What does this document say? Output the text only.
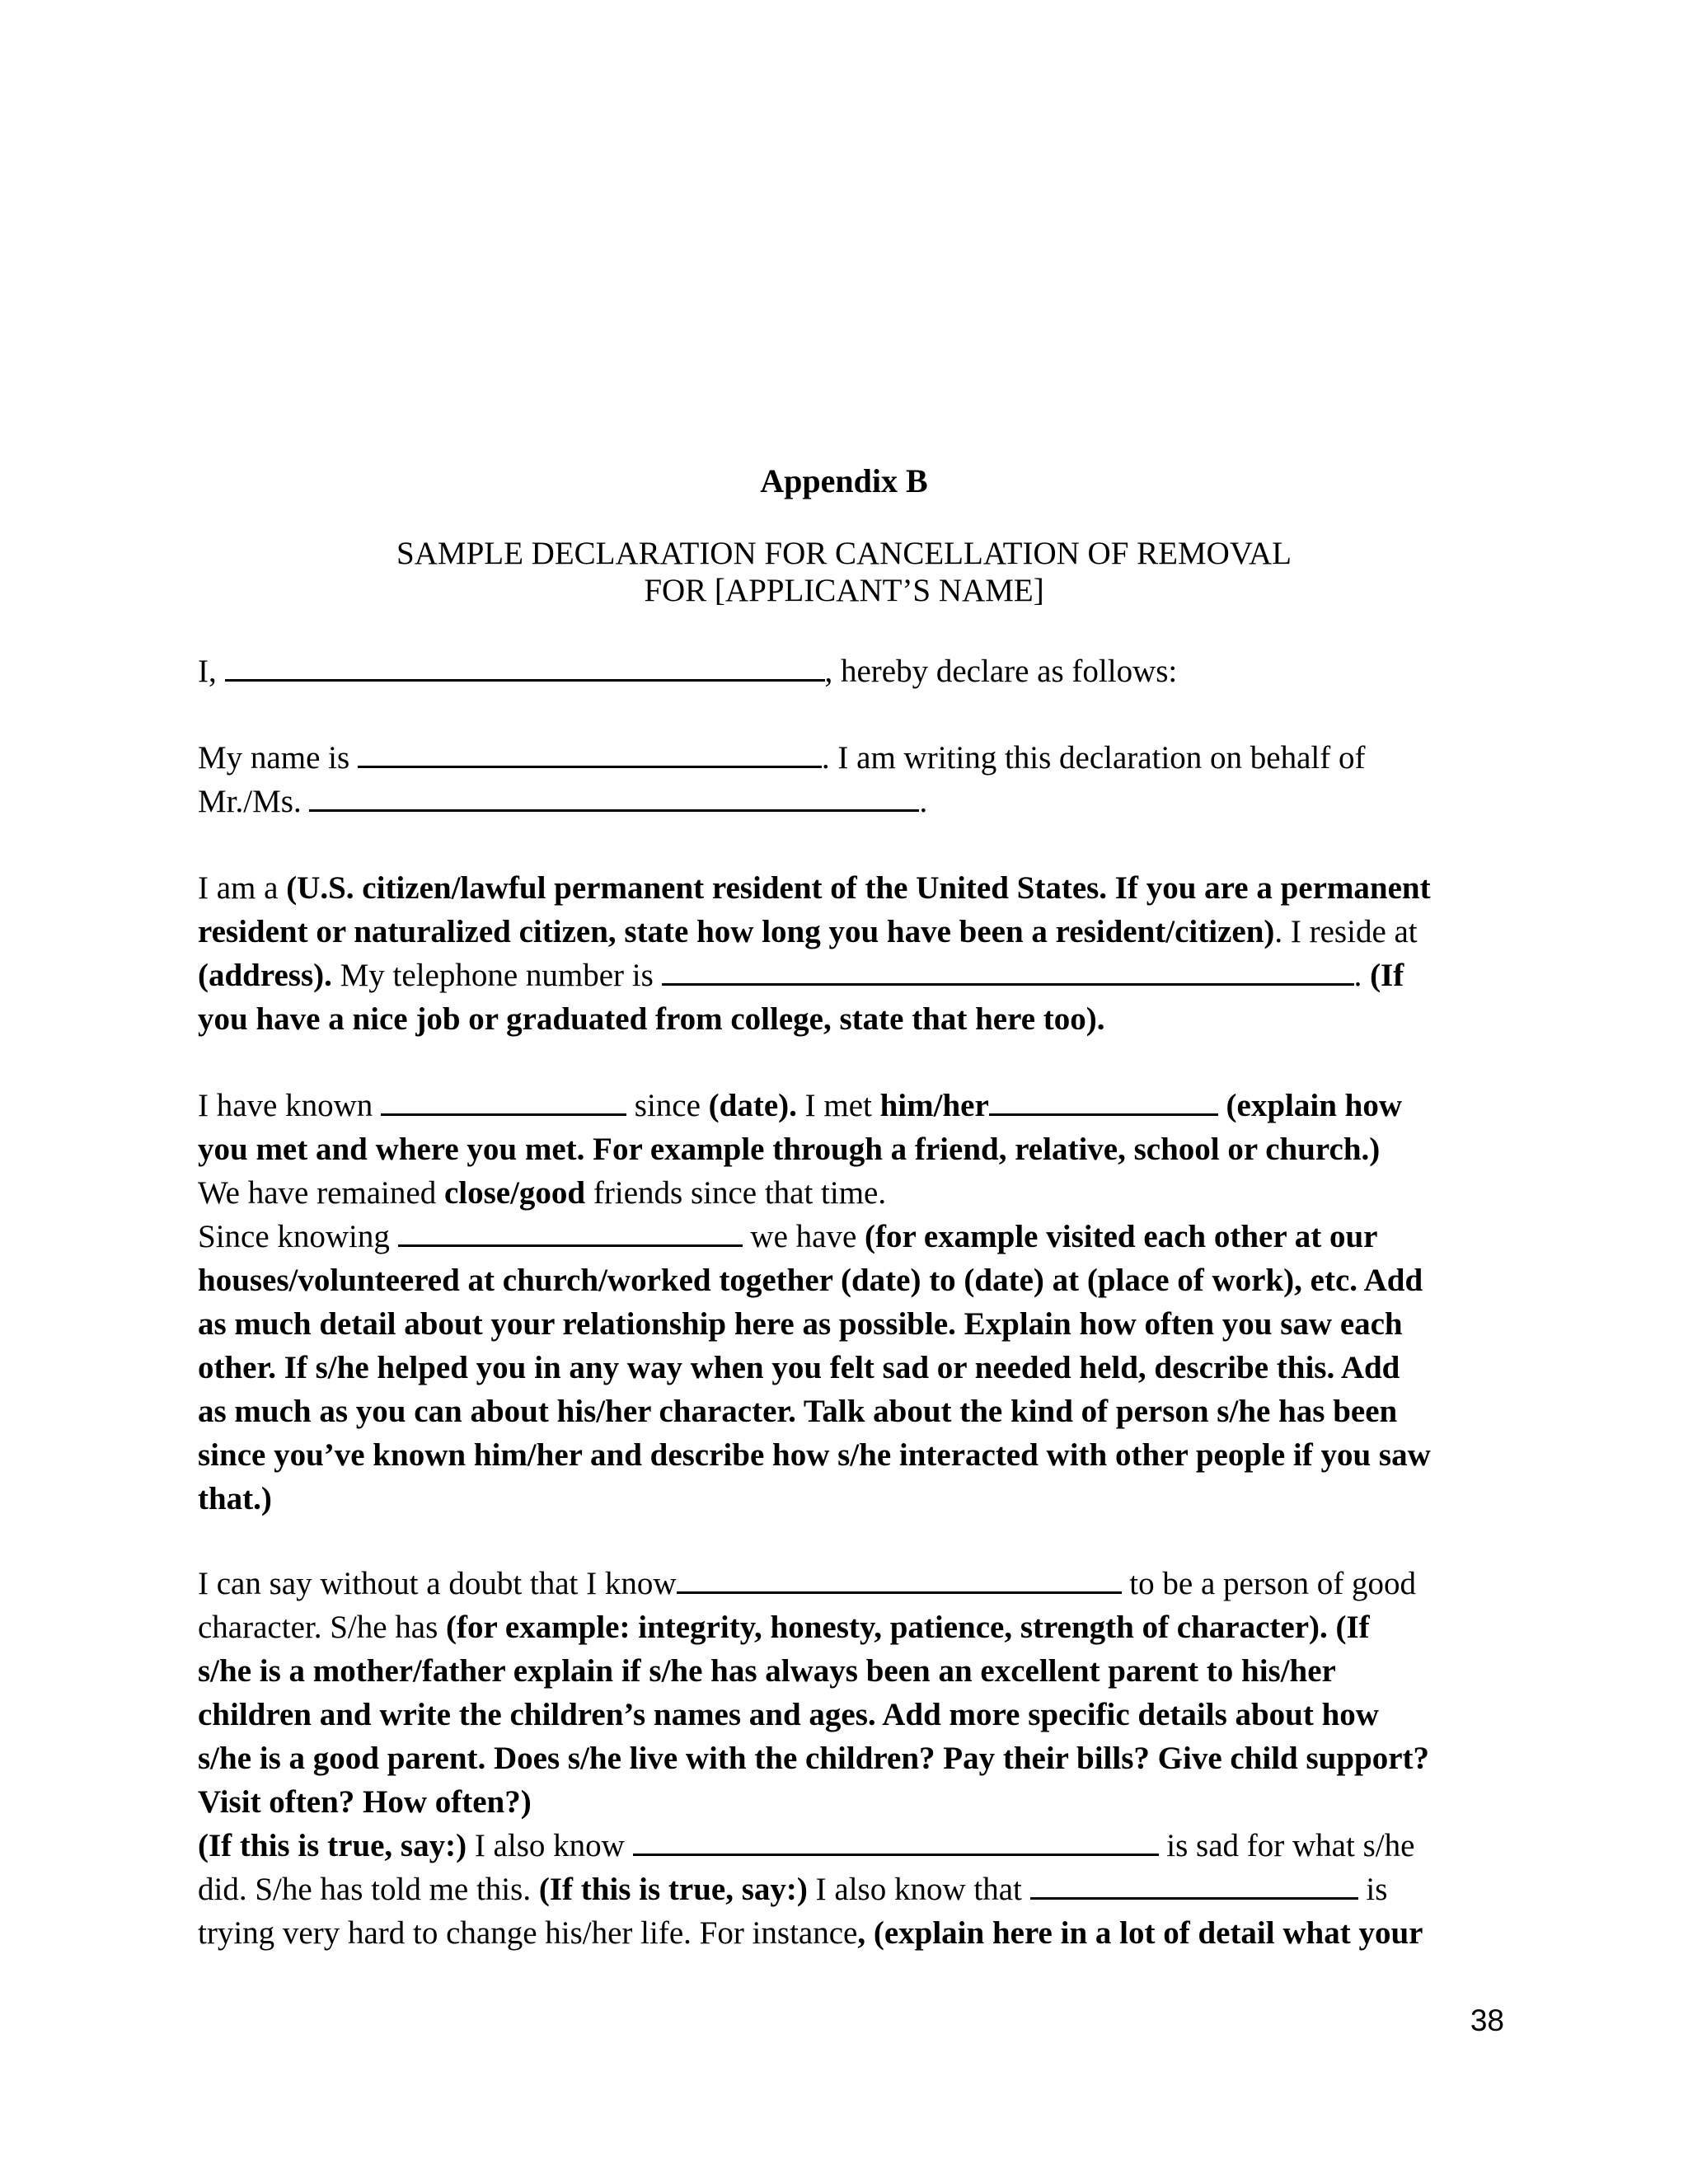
Appendix B
SAMPLE DECLARATION FOR CANCELLATION OF REMOVAL
FOR [APPLICANT’S NAME]
I,	, hereby declare as follows:
My name is	. I am writing this declaration on behalf of
Mr./Ms.	.
I am a (U.S. citizen/lawful permanent resident of the United States. If you are a permanent
resident or naturalized citizen, state how long you have been a resident/citizen). I reside at
(address). My telephone number is	. (If
you have a nice job or graduated from college, state that here too).
I have known	since (date). I met him/her	(explain how
you met and where you met. For example through a friend, relative, school or church.)
We have remained close/good friends since that time.
Since knowing	we have (for example visited each other at our
houses/volunteered at church/worked together (date) to (date) at (place of work), etc. Add
as much detail about your relationship here as possible. Explain how often you saw each
other. If s/he helped you in any way when you felt sad or needed held, describe this. Add
as much as you can about his/her character. Talk about the kind of person s/he has been
since you’ve known him/her and describe how s/he interacted with other people if you saw
that.)
I can say without a doubt that I know	to be a person of good
character. S/he has (for example: integrity, honesty, patience, strength of character). (If
s/he is a mother/father explain if s/he has always been an excellent parent to his/her
children and write the children’s names and ages. Add more specific details about how
s/he is a good parent. Does s/he live with the children? Pay their bills? Give child support?
Visit often? How often?)
(If this is true, say:) I also know	is sad for what s/he
did. S/he has told me this. (If this is true, say:) I also know that	is
trying very hard to change his/her life. For instance, (explain here in a lot of detail what your
38
